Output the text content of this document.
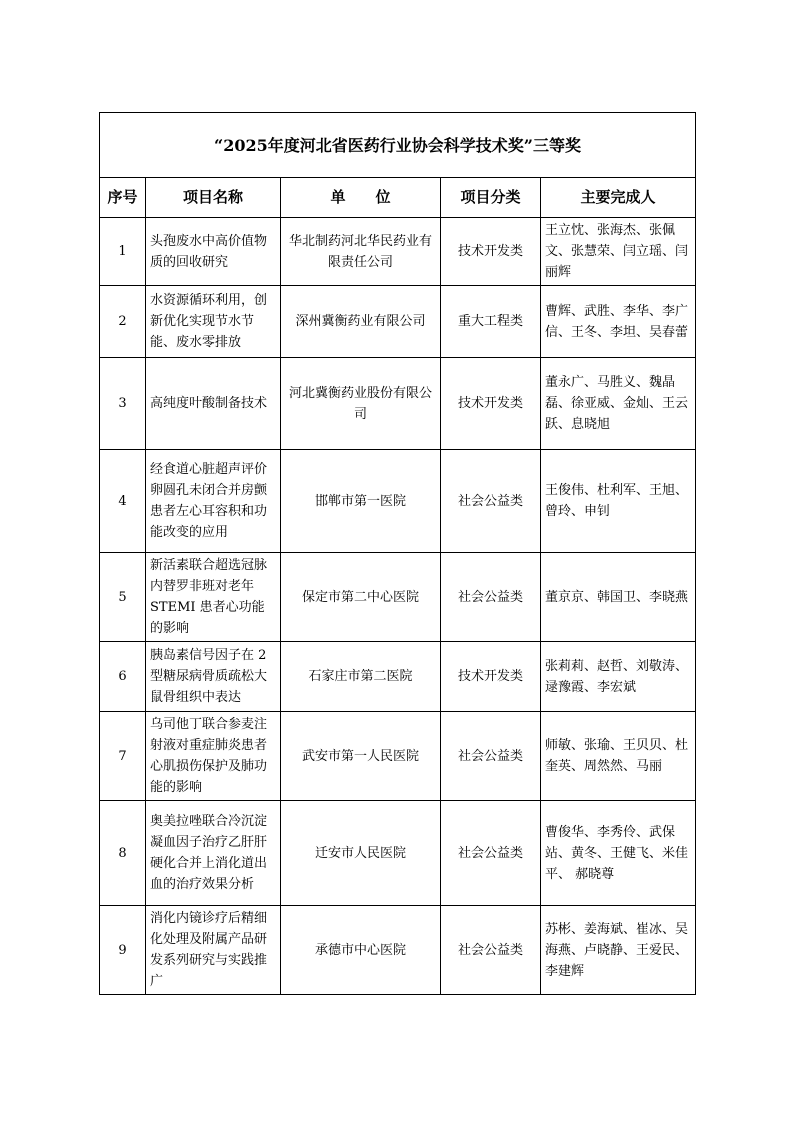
“2025年度河北省医药行业协会科学技术奖”三等奖				
序号	项目名称	单　　位	项目分类	主要完成人
1	头孢废水中高价值物质的回收研究	华北制药河北华民药业有限责任公司	技术开发类	王立忱、张海杰、张佩文、张慧荣、闫立瑶、闫丽辉
2	水资源循环利用，创新优化实现节水节能、废水零排放	深州冀衡药业有限公司	重大工程类	曹辉、武胜、李华、李广信、王冬、李坦、吴春蕾
3	高纯度叶酸制备技术	河北冀衡药业股份有限公司	技术开发类	董永广、马胜义、魏晶磊、徐亚威、金灿、王云跃、息晓旭
4	经食道心脏超声评价卵圆孔未闭合并房颤患者左心耳容积和功能改变的应用	邯郸市第一医院	社会公益类	王俊伟、杜利军、王旭、曾玲、申钊
5	新活素联合超选冠脉内替罗非班对老年 STEMI 患者心功能的影响	保定市第二中心医院	社会公益类	董京京、韩国卫、李晓燕
6	胰岛素信号因子在 2 型糖尿病骨质疏松大鼠骨组织中表达	石家庄市第二医院	技术开发类	张莉莉、赵哲、刘敬涛、逯豫霞、李宏斌
7	乌司他丁联合参麦注射液对重症肺炎患者心肌损伤保护及肺功能的影响	武安市第一人民医院	社会公益类	师敏、张瑜、王贝贝、杜奎英、周然然、马丽
8	奥美拉唑联合冷沉淀凝血因子治疗乙肝肝硬化合并上消化道出血的治疗效果分析	迁安市人民医院	社会公益类	曹俊华、李秀伶、武保站、黄冬、王健飞、米佳平、 郝晓尊
9	消化内镜诊疗后精细化处理及附属产品研发系列研究与实践推广	承德市中心医院	社会公益类	苏彬、姜海斌、崔冰、吴海燕、卢晓静、王爱民、李建辉
